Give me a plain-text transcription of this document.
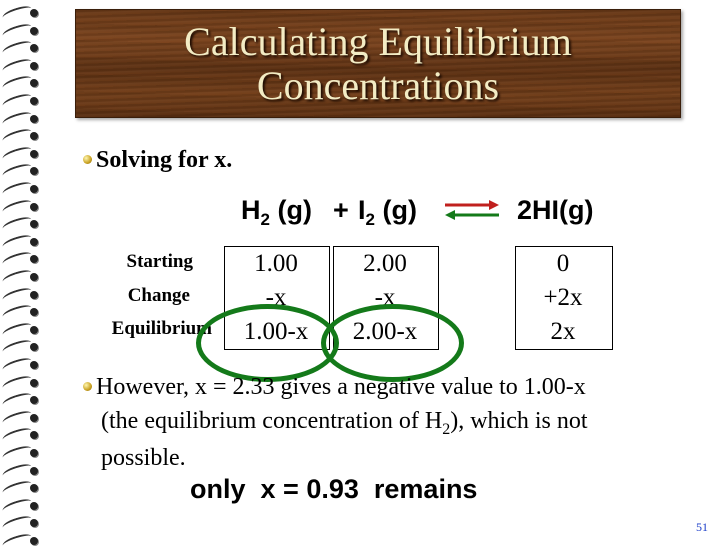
Calculating Equilibrium
Concentrations
Solving for x.
$H_2$ $(g) + I_2$ (g) ⇌ 2HI(g)
Starting
Change
Equilibrium
1.00
-x
1.00-x
2.00
-x
2.00-x
0
+2x
2x
However, x = 2.33 gives a negative value to 1.00-x
(the equilibrium concentration of $H_2$), which is not
possible.
only x = 0.93 remains
51
